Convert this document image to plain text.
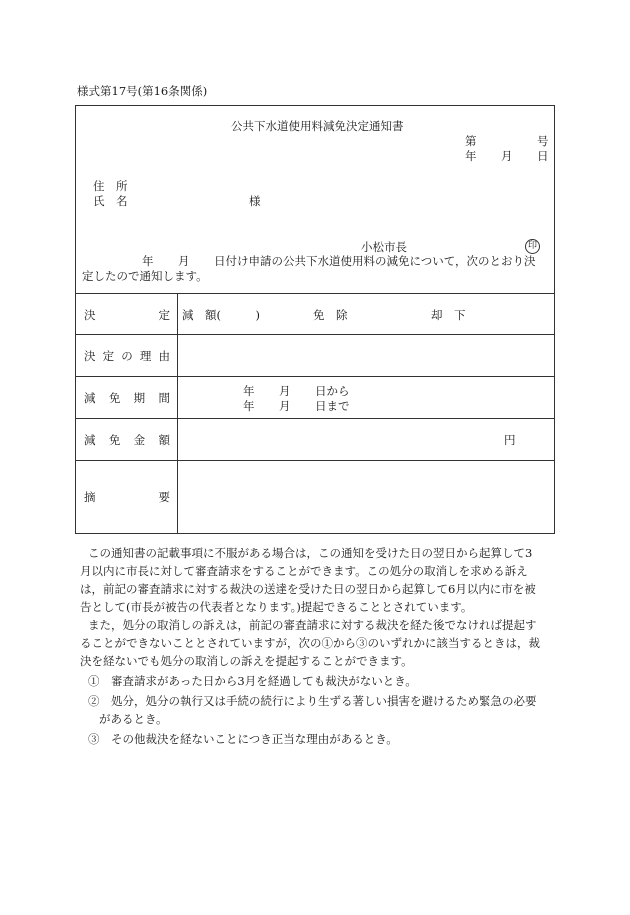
様式第17号(第16条関係)
公共下水道使用料減免決定通知書
第	号
年 月 日
住　所
氏　名	様
小松市長	印
年 月 日付け申請の公共下水道使用料の減免について，次のとおり決
定したので通知します。
決	定 減　額(　　　)	免　除	却　下
決 定 の 理 由
減 免 期 間	年 月 日から
年 月 日まで
減 免 金 額	円
摘	要
この通知書の記載事項に不服がある場合は，この通知を受けた日の翌日から起算して3
月以内に市長に対して審査請求をすることができます。この処分の取消しを求める訴え
は，前記の審査請求に対する裁決の送達を受けた日の翌日から起算して6月以内に市を被
告として(市長が被告の代表者となります。)提起できることとされています。
また，処分の取消しの訴えは，前記の審査請求に対する裁決を経た後でなければ提起す
ることができないこととされていますが，次の①から③のいずれかに該当するときは，裁
決を経ないでも処分の取消しの訴えを提起することができます。
①　審査請求があった日から3月を経過しても裁決がないとき。
②　処分，処分の執行又は手続の続行により生ずる著しい損害を避けるため緊急の必要
があるとき。
③　その他裁決を経ないことにつき正当な理由があるとき。
